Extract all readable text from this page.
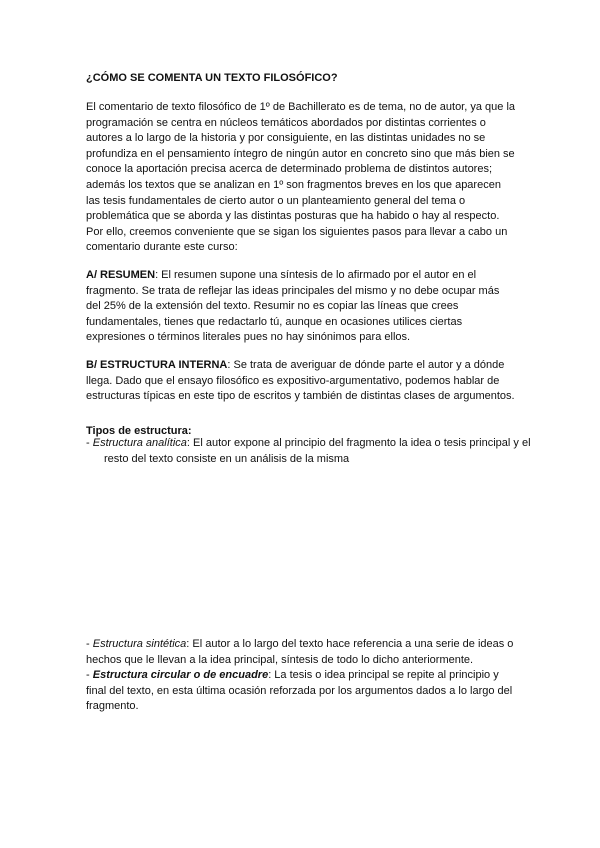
¿CÓMO SE COMENTA UN TEXTO FILOSÓFICO?

El comentario de texto filosófico de 1º de Bachillerato es de tema, no de autor, ya que la programación se centra en núcleos temáticos abordados por distintas corrientes o autores a lo largo de la historia y por consiguiente, en las distintas unidades no se profundiza en el pensamiento íntegro de ningún autor en concreto sino que más bien se conoce la aportación precisa acerca de determinado problema de distintos autores; además los textos que se analizan en 1º son fragmentos breves en los que aparecen las tesis fundamentales de cierto autor o un planteamiento general del tema o problemática que se aborda y las distintas posturas que ha habido o hay al respecto. Por ello, creemos conveniente que se sigan los siguientes pasos para llevar a cabo un comentario durante este curso:

A/ RESUMEN: El resumen supone una síntesis de lo afirmado por el autor en el fragmento. Se trata de reflejar las ideas principales del mismo y no debe ocupar más del 25% de la extensión del texto. Resumir no es copiar las líneas que crees fundamentales, tienes que redactarlo tú, aunque en ocasiones utilices ciertas expresiones o términos literales pues no hay sinónimos para ellos.

B/ ESTRUCTURA INTERNA: Se trata de averiguar de dónde parte el autor y a dónde llega. Dado que el ensayo filosófico es expositivo-argumentativo, podemos hablar de estructuras típicas en este tipo de escritos y también de distintas clases de argumentos.

Tipos de estructura:

- Estructura analítica: El autor expone al principio del fragmento la idea o tesis principal y el resto del texto consiste en un análisis de la misma

- Estructura sintética: El autor a lo largo del texto hace referencia a una serie de ideas o hechos que le llevan a la idea principal, síntesis de todo lo dicho anteriormente.

- Estructura circular o de encuadre: La tesis o idea principal se repite al principio y final del texto, en esta última ocasión reforzada por los argumentos dados a lo largo del fragmento.
